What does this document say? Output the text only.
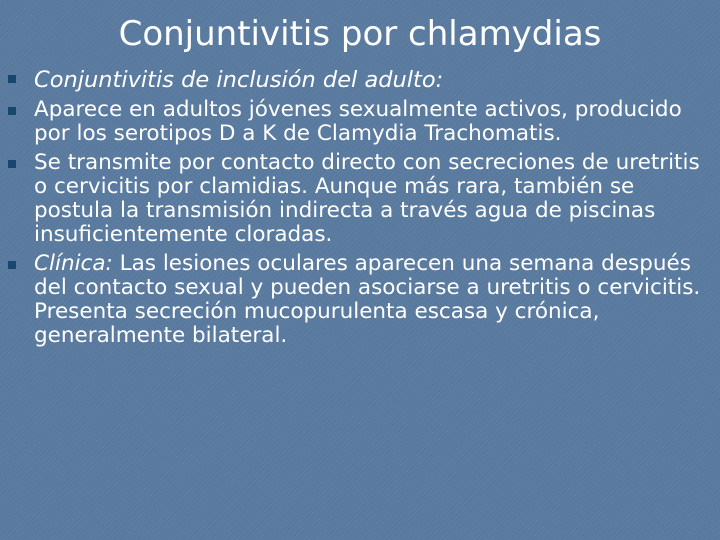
Conjuntivitis por chlamydias
Conjuntivitis de inclusión del adulto:
Aparece en adultos jóvenes sexualmente activos, producido por los serotipos D a K de Clamydia Trachomatis.
Se transmite por contacto directo con secreciones de uretritis o cervicitis por clamidias. Aunque más rara, también se postula la transmisión indirecta a través agua de piscinas insuficientemente cloradas.
Clínica: Las lesiones oculares aparecen una semana después del contacto sexual y pueden asociarse a uretritis o cervicitis. Presenta secreción mucopurulenta escasa y crónica, generalmente bilateral.
